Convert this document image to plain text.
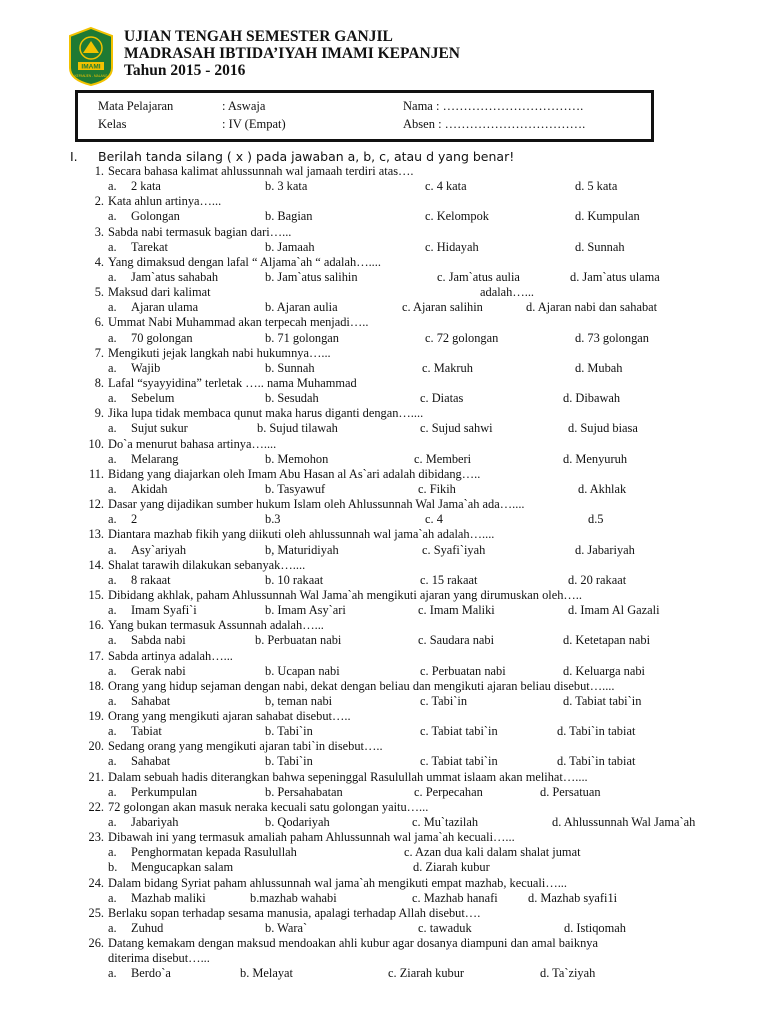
IMAMI
KEPANJEN - MALANG
UJIAN TENGAH SEMESTER GANJIL
MADRASAH IBTIDA’IYAH IMAMI KEPANJEN
Tahun 2015 - 2016
Mata Pelajaran	: Aswaja	Nama : …………………………….
Kelas	: IV (Empat)	Absen : …………………………….
I. Berilah tanda silang ( x ) pada jawaban a, b, c, atau d yang benar!
1. Secara bahasa kalimat ahlussunnah wal jamaah terdiri atas….
a. 2 kata	b. 3 kata	c. 4 kata	d. 5 kata
2. Kata ahlun artinya…...
a. Golongan	b. Bagian	c. Kelompok	d. Kumpulan
3. Sabda nabi termasuk bagian dari…...
a. Tarekat	b. Jamaah	c. Hidayah	d. Sunnah
4. Yang dimaksud dengan lafal “ Aljama`ah “ adalah…....
a. Jam`atus sahabah	b. Jam`atus salihin	c. Jam`atus aulia	d. Jam`atus ulama
5. Maksud dari kalimat	adalah…...
a. Ajaran ulama	b. Ajaran aulia	c. Ajaran salihin	d. Ajaran nabi dan sahabat
6. Ummat Nabi Muhammad akan terpecah menjadi…..
a. 70 golongan	b. 71 golongan	c. 72 golongan	d. 73 golongan
7. Mengikuti jejak langkah nabi hukumnya…...
a. Wajib	b. Sunnah	c. Makruh	d. Mubah
8. Lafal “syayyidina” terletak ….. nama Muhammad
a. Sebelum	b. Sesudah	c. Diatas	d. Dibawah
9. Jika lupa tidak membaca qunut maka harus diganti dengan…....
a. Sujut sukur	b. Sujud tilawah	c. Sujud sahwi	d. Sujud biasa
10. Do`a menurut bahasa artinya…....
a. Melarang	b. Memohon	c. Memberi	d. Menyuruh
11. Bidang yang diajarkan oleh Imam Abu Hasan al As`ari adalah dibidang…..
a. Akidah	b. Tasyawuf	c. Fikih	d. Akhlak
12. Dasar yang dijadikan sumber hukum Islam oleh Ahlussunnah Wal Jama`ah ada…....
a. 2	b.3	c. 4	d.5
13. Diantara mazhab fikih yang diikuti oleh ahlussunnah wal jama`ah adalah…....
a. Asy`ariyah	b, Maturidiyah	c. Syafi`iyah	d. Jabariyah
14. Shalat tarawih dilakukan sebanyak…....
a. 8 rakaat	b. 10 rakaat	c. 15 rakaat	d. 20 rakaat
15. Dibidang akhlak, paham Ahlussunnah Wal Jama`ah mengikuti ajaran yang dirumuskan oleh…..
a. Imam Syafi`i	b. Imam Asy`ari	c. Imam Maliki	d. Imam Al Gazali
16. Yang bukan termasuk Assunnah adalah…...
a. Sabda nabi	b. Perbuatan nabi	c. Saudara nabi	d. Ketetapan nabi
17. Sabda artinya adalah…...
a. Gerak nabi	b. Ucapan nabi	c. Perbuatan nabi	d. Keluarga nabi
18. Orang yang hidup sejaman dengan nabi, dekat dengan beliau dan mengikuti ajaran beliau disebut…....
a. Sahabat	b, teman nabi	c. Tabi`in	d. Tabiat tabi`in
19. Orang yang mengikuti ajaran sahabat disebut…..
a. Tabiat	b. Tabi`in	c. Tabiat tabi`in	d. Tabi`in tabiat
20. Sedang orang yang mengikuti ajaran tabi`in disebut…..
a. Sahabat	b. Tabi`in	c. Tabiat tabi`in	d. Tabi`in tabiat
21. Dalam sebuah hadis diterangkan bahwa sepeninggal Rasulullah ummat islaam akan melihat…....
a. Perkumpulan	b. Persahabatan	c. Perpecahan	d. Persatuan
22. 72 golongan akan masuk neraka kecuali satu golongan yaitu…...
a. Jabariyah	b. Qodariyah	c. Mu`tazilah	d. Ahlussunnah Wal Jama`ah
23. Dibawah ini yang termasuk amaliah paham Ahlussunnah wal jama`ah kecuali…...
a. Penghormatan kepada Rasulullah	c. Azan dua kali dalam shalat jumat
b. Mengucapkan salam	d. Ziarah kubur
24. Dalam bidang Syriat paham ahlussunnah wal jama`ah mengikuti empat mazhab, kecuali…...
a. Mazhab maliki	b.mazhab wahabi	c. Mazhab hanafi d. Mazhab syafi1i
25. Berlaku sopan terhadap sesama manusia, apalagi terhadap Allah disebut….
a. Zuhud	b. Wara`	c. tawaduk	d. Istiqomah
26. Datang kemakam dengan maksud mendoakan ahli kubur agar dosanya diampuni dan amal baiknya
diterima disebut…...
a. Berdo`a	b. Melayat	c. Ziarah kubur	d. Ta`ziyah
